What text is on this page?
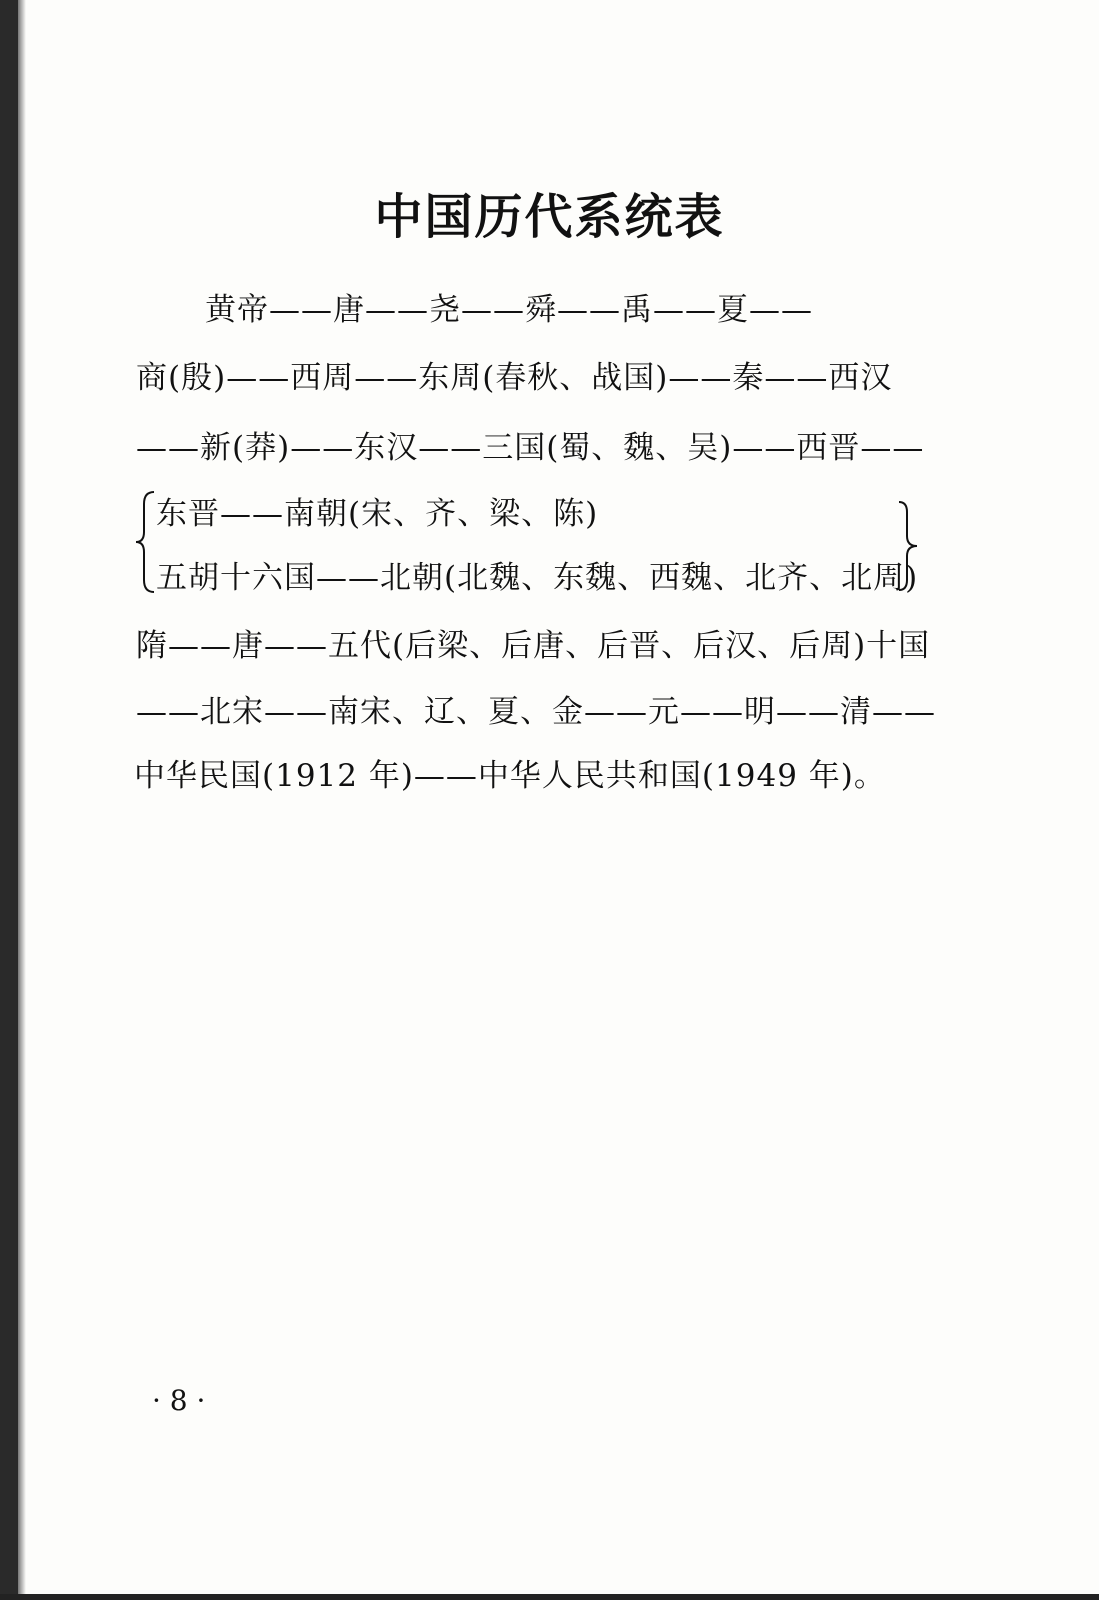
中国历代系统表

黄帝——唐——尧——舜——禹——夏——

商(殷)——西周——东周(春秋、战国)——秦——西汉

——新(莽)——东汉——三国(蜀、魏、吴)——西晋——

东晋——南朝(宋、齐、梁、陈)

五胡十六国——北朝(北魏、东魏、西魏、北齐、北周)

隋——唐——五代(后梁、后唐、后晋、后汉、后周)十国

——北宋——南宋、辽、夏、金——元——明——清——

中华民国(1912 年)——中华人民共和国(1949 年)。

· 8 ·
